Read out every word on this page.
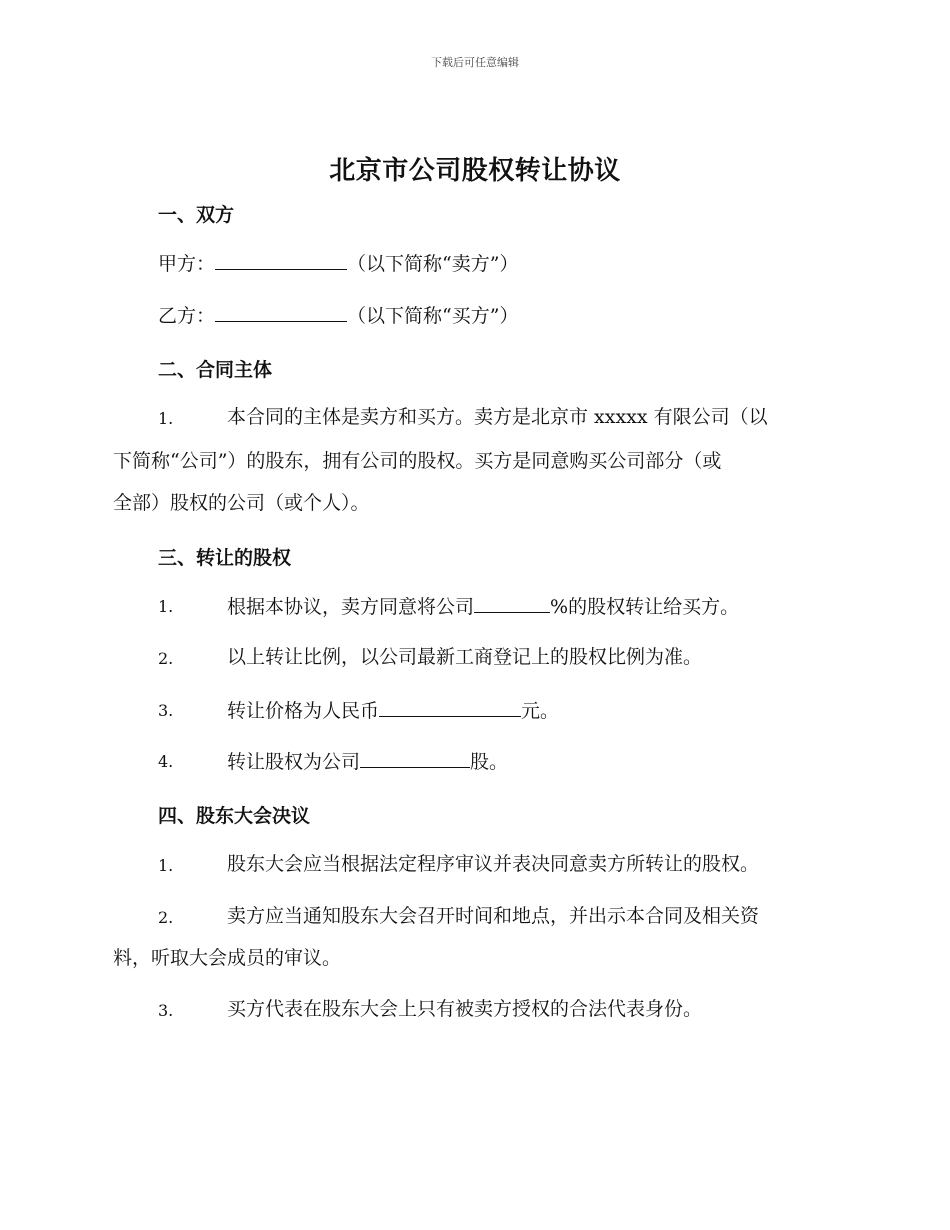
下载后可任意编辑
北京市公司股权转让协议
一、双方
甲方：	（以下简称“卖方”）
乙方：	（以下简称“买方”）
二、合同主体
1.	本合同的主体是卖方和买方。卖方是北京市 xxxxx 有限公司（以
下简称“公司”）的股东，拥有公司的股权。买方是同意购买公司部分（或
全部）股权的公司（或个人）。
三、转让的股权
1.	根据本协议，卖方同意将公司	%的股权转让给买方。
2.	以上转让比例，以公司最新工商登记上的股权比例为准。
3.	转让价格为人民币	元。
4.	转让股权为公司	股。
四、股东大会决议
1.	股东大会应当根据法定程序审议并表决同意卖方所转让的股权。
2.	卖方应当通知股东大会召开时间和地点，并出示本合同及相关资
料，听取大会成员的审议。
3.	买方代表在股东大会上只有被卖方授权的合法代表身份。
